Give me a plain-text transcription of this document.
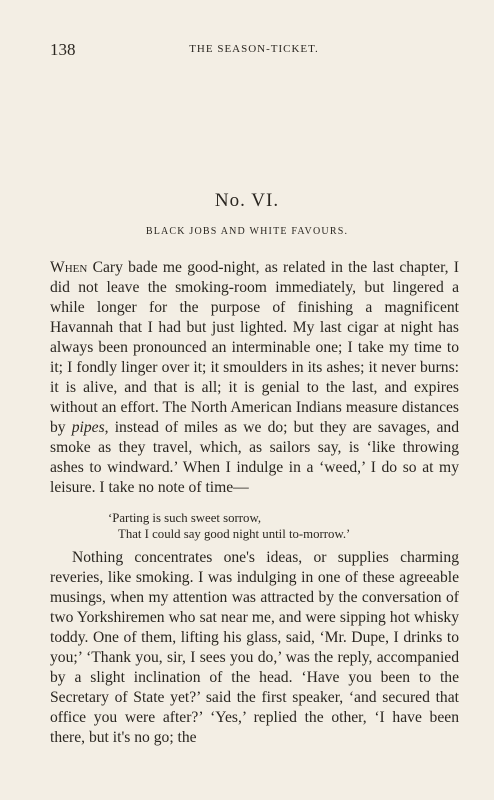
138	THE SEASON-TICKET.
No. VI.
BLACK JOBS AND WHITE FAVOURS.

When Cary bade me good-night, as related in the last chapter, I did not leave the smoking-room immediately, but lingered a while longer for the purpose of finishing a magnificent Havannah that I had but just lighted. My last cigar at night has always been pronounced an interminable one; I take my time to it; I fondly linger over it; it smoulders in its ashes; it never burns: it is alive, and that is all; it is genial to the last, and expires without an effort. The North American Indians measure distances by pipes, instead of miles as we do; but they are savages, and smoke as they travel, which, as sailors say, is ‘like throwing ashes to windward.’ When I indulge in a ‘weed,’ I do so at my leisure. I take no note of time—

‘Parting is such sweet sorrow,
That I could say good night until to-morrow.’

Nothing concentrates one's ideas, or supplies charming reveries, like smoking. I was indulging in one of these agreeable musings, when my attention was attracted by the conversation of two Yorkshiremen who sat near me, and were sipping hot whisky toddy. One of them, lifting his glass, said, ‘Mr. Dupe, I drinks to you;’ ‘Thank you, sir, I sees you do,’ was the reply, accompanied by a slight inclination of the head. ‘Have you been to the Secretary of State yet?’ said the first speaker, ‘and secured that office you were after?’ ‘Yes,’ replied the other, ‘I have been there, but it's no go; the
